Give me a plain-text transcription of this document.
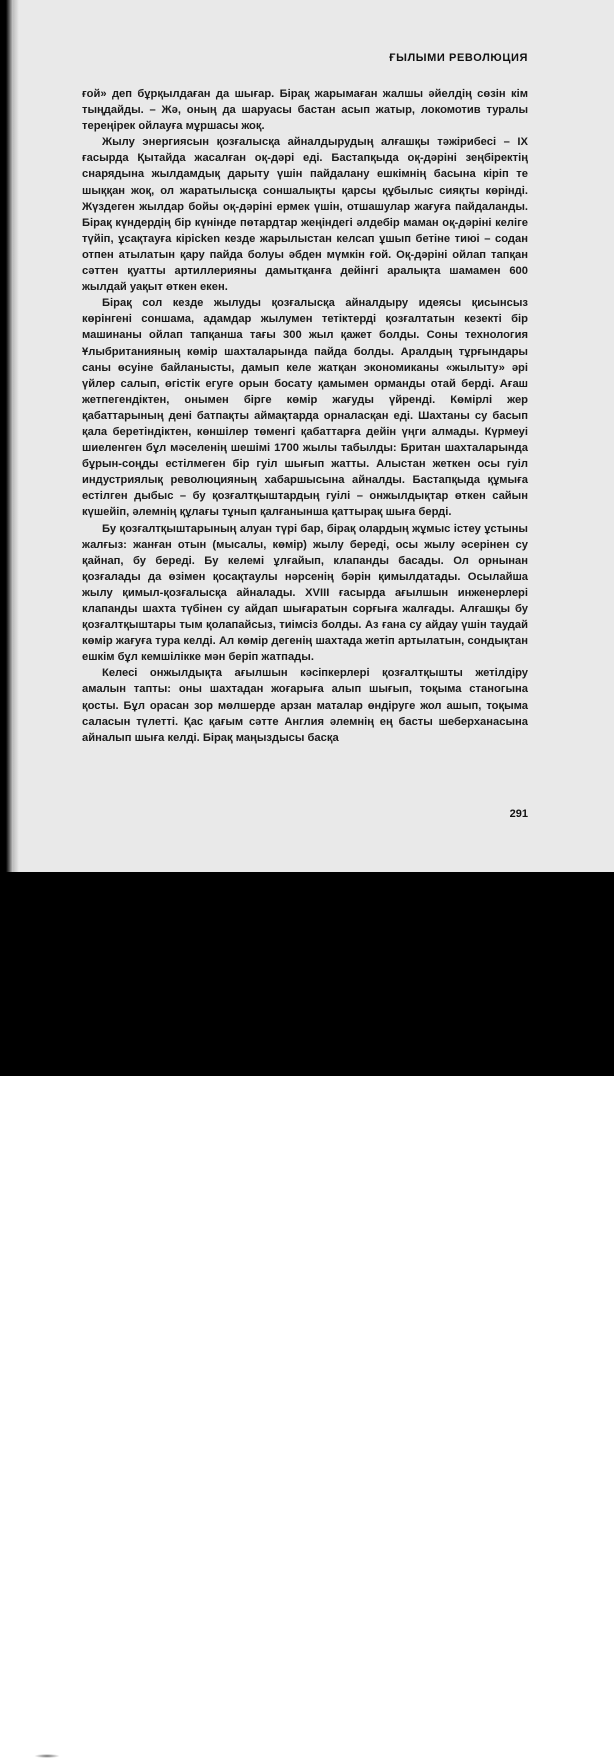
ҒЫЛЫМИ РЕВОЛЮЦИЯ

ғой» деп бұрқылдаған да шығар. Бірақ жарымаған жалшы әйелдің сөзін кім тыңдайды. – Жә, оның да шаруасы бастан асып жатыр, локомотив туралы тереңірек ойлауға мұршасы жоқ.

Жылу энергиясын қозғалысқа айналдырудың алғашқы тәжірибесі – IX ғасырда Қытайда жасалған оқ-дәрі еді. Бастапқыда оқ-дәріні зеңбіректің снарядына жылдамдық дарыту үшін пайдалану ешкімнің басына кіріп те шыққан жоқ, ол жаратылысқа соншалықты қарсы құбылыс сияқты көрінді. Жүздеген жылдар бойы оқ-дәріні ермек үшін, отшашулар жағуға пайдаланды. Бірақ күндердің бір күнінде пөтардтар жеңіндегі әлдебір маман оқ-дәріні келіге түйіп, ұсақтауға кірісken кезде жарылыстан келсап ұшып бетіне тиюі – содан отпен атылатын қару пайда болуы әбден мүмкін ғой. Оқ-дәріні ойлап тапқан сәттен қуатты артиллерияны дамытқанға дейінгі аралықта шамамен 600 жылдай уақыт өткен екен.

Бірақ сол кезде жылуды қозғалысқа айналдыру идеясы қисынсыз көрінгені соншама, адамдар жылумен тетіктерді қозғалтатын кезекті бір машинаны ойлап тапқанша тағы 300 жыл қажет болды. Соны технология Ұлыбританияның көмір шахталарында пайда болды. Аралдың тұрғындары саны өсуіне байланысты, дамып келе жатқан экономиканы «жылыту» әрі үйлер салып, өгістік егуге орын босату қамымен орманды отай берді. Ағаш жетпегендіктен, онымен бірге көмір жағуды үйренді. Көмірлі жер қабаттарының дені батпақты аймақтарда орналасқан еді. Шахтаны су басып қала беретіндіктен, көншілер төменгі қабаттарға дейін үңги алмады. Күрмеуі шиеленген бұл мәселенің шешімі 1700 жылы табылды: Британ шахталарында бұрын-соңды естілмеген бір гуіл шығып жатты. Алыстан жеткен осы гуіл индустриялық революцияның хабаршысына айналды. Бастапқыда құмыға естілген дыбыс – бу қозғалтқыштардың гуілі – онжылдықтар өткен сайын күшейіп, әлемнің құлағы тұнып қалғанынша қаттырақ шыға берді.

Бу қозғалтқыштарының алуан түрі бар, бірақ олардың жұмыс істеу ұстыны жалғыз: жанған отын (мысалы, көмір) жылу береді, осы жылу әсерінен су қайнап, бу береді. Бу келемі ұлғайып, клапанды басады. Ол орнынан қозғалады да өзімен қосақтаулы нәрсенің бәрін қимылдатады. Осылайша жылу қимыл-қозғалысқа айналады. XVIII ғасырда ағылшын инженерлері клапанды шахта түбінен су айдап шығаратын сорғыға жалғады. Алғашқы бу қозғалтқыштары тым қолапайсыз, тиімсіз болды. Аз ғана су айдау үшін таудай көмір жағуға тура келді. Ал көмір дегенің шахтада жетіп артылатын, сондықтан ешкім бұл кемшілікке мән беріп жатпады.

Келесі онжылдықта ағылшын кәсіпкерлері қозғалтқышты жетілдіру амалын тапты: оны шахтадан жоғарыға алып шығып, тоқыма станогына қосты. Бұл орасан зор мөлшерде арзан маталар өндіруге жол ашып, тоқыма саласын түлетті. Қас қағым сәтте Англия әлемнің ең басты шеберханасына айналып шыға келді. Бірақ маңыздысы басқа

291
